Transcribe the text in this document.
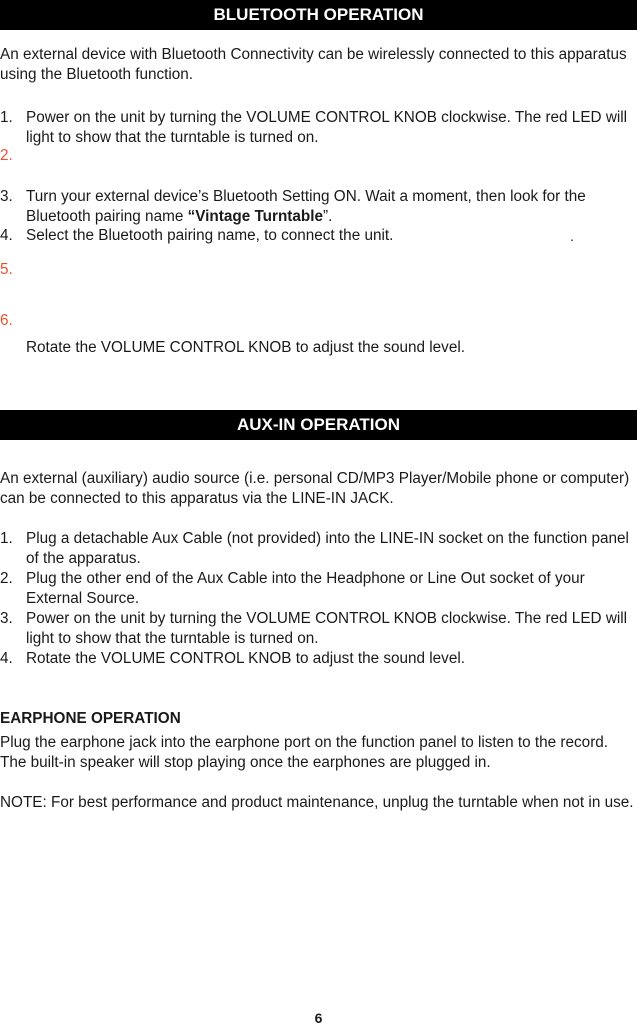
BLUETOOTH OPERATION

An external device with Bluetooth Connectivity can be wirelessly connected to this apparatus using the Bluetooth function.

1. Power on the unit by turning the VOLUME CONTROL KNOB clockwise. The red LED will light to show that the turntable is turned on.
2.
3. Turn your external device’s Bluetooth Setting ON. Wait a moment, then look for the Bluetooth pairing name “Vintage Turntable”.
4. Select the Bluetooth pairing name, to connect the unit.	.
5.
6.
Rotate the VOLUME CONTROL KNOB to adjust the sound level.
AUX-IN OPERATION

An external (auxiliary) audio source (i.e. personal CD/MP3 Player/Mobile phone or computer) can be connected to this apparatus via the LINE-IN JACK.

1. Plug a detachable Aux Cable (not provided) into the LINE-IN socket on the function panel of the apparatus.
2. Plug the other end of the Aux Cable into the Headphone or Line Out socket of your External Source.
3. Power on the unit by turning the VOLUME CONTROL KNOB clockwise. The red LED will light to show that the turntable is turned on.
4. Rotate the VOLUME CONTROL KNOB to adjust the sound level.
EARPHONE OPERATION

Plug the earphone jack into the earphone port on the function panel to listen to the record. The built-in speaker will stop playing once the earphones are plugged in.

NOTE: For best performance and product maintenance, unplug the turntable when not in use.

6
